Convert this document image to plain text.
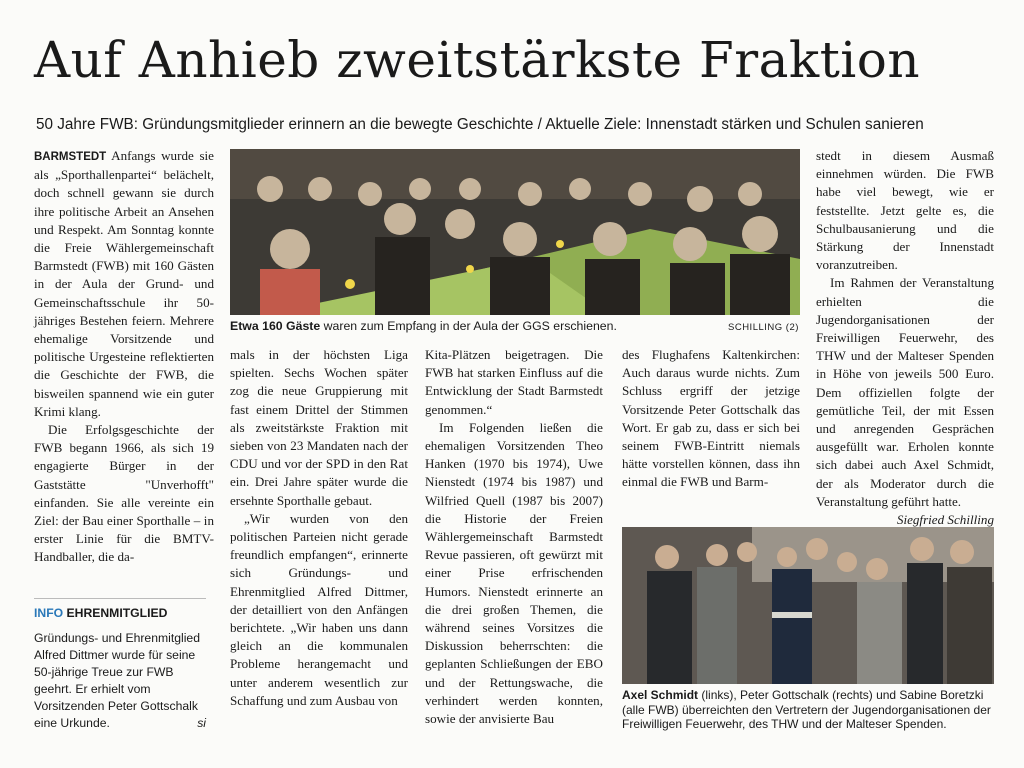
Auf Anhieb zweitstärkste Fraktion
50 Jahre FWB: Gründungsmitglieder erinnern an die bewegte Geschichte / Aktuelle Ziele: Innenstadt stärken und Schulen sanieren

BARMSTEDT Anfangs wurde sie als „Sporthallenpartei“ belächelt, doch schnell gewann sie durch ihre politische Arbeit an Ansehen und Respekt. Am Sonntag konnte die Freie Wählergemeinschaft Barmstedt (FWB) mit 160 Gästen in der Aula der Grund- und Gemeinschaftsschule ihr 50-jähriges Bestehen feiern. Mehrere ehemalige Vorsitzende und politische Urgesteine reflektierten die Geschichte der FWB, die bisweilen spannend wie ein guter Krimi klang.

Die Erfolgsgeschichte der FWB begann 1966, als sich 19 engagierte Bürger in der Gaststätte "Unverhofft" einfanden. Sie alle vereinte ein Ziel: der Bau einer Sporthalle – in erster Linie für die BMTV-Handballer, die da-

INFO EHRENMITGLIED
Gründungs- und Ehrenmitglied Alfred Dittmer wurde für seine 50-jährige Treue zur FWB geehrt. Er erhielt vom Vorsitzenden Peter Gottschalk eine Urkunde.	si
Etwa 160 Gäste waren zum Empfang in der Aula der GGS erschienen.	SCHILLING (2)

mals in der höchsten Liga spielten. Sechs Wochen später zog die neue Gruppierung mit fast einem Drittel der Stimmen als zweitstärkste Fraktion mit sieben von 23 Mandaten nach der CDU und vor der SPD in den Rat ein. Drei Jahre später wurde die ersehnte Sporthalle gebaut.

„Wir wurden von den politischen Parteien nicht gerade freundlich empfangen“, erinnerte sich Gründungs- und Ehrenmitglied Alfred Dittmer, der detailliert von den Anfängen berichtete. „Wir haben uns dann gleich an die kommunalen Probleme herangemacht und unter anderem wesentlich zur Schaffung und zum Ausbau von

Kita-Plätzen beigetragen. Die FWB hat starken Einfluss auf die Entwicklung der Stadt Barmstedt genommen.“

Im Folgenden ließen die ehemaligen Vorsitzenden Theo Hanken (1970 bis 1974), Uwe Nienstedt (1974 bis 1987) und Wilfried Quell (1987 bis 2007) die Historie der Freien Wählergemeinschaft Barmstedt Revue passieren, oft gewürzt mit einer Prise erfrischenden Humors. Nienstedt erinnerte an die drei großen Themen, die während seines Vorsitzes die Diskussion beherrschten: die geplanten Schließungen der EBO und der Rettungswache, die verhindert werden konnten, sowie der anvisierte Bau

des Flughafens Kaltenkirchen: Auch daraus wurde nichts. Zum Schluss ergriff der jetzige Vorsitzende Peter Gottschalk das Wort. Er gab zu, dass er sich bei seinem FWB-Eintritt niemals hätte vorstellen können, dass ihn einmal die FWB und Barm-

stedt in diesem Ausmaß einnehmen würden. Die FWB habe viel bewegt, wie er feststellte. Jetzt gelte es, die Schulbausanierung und die Stärkung der Innenstadt voranzutreiben.

Im Rahmen der Veranstaltung erhielten die Jugendorganisationen der Freiwilligen Feuerwehr, des THW und der Malteser Spenden in Höhe von jeweils 500 Euro. Dem offiziellen folgte der gemütliche Teil, der mit Essen und anregenden Gesprächen ausgefüllt war. Erholen konnte sich dabei auch Axel Schmidt, der als Moderator durch die Veranstaltung geführt hatte.

Siegfried Schilling
Axel Schmidt (links), Peter Gottschalk (rechts) und Sabine Boretzki (alle FWB) überreichten den Vertretern der Jugendorganisationen der Freiwilligen Feuerwehr, des THW und der Malteser Spenden.
